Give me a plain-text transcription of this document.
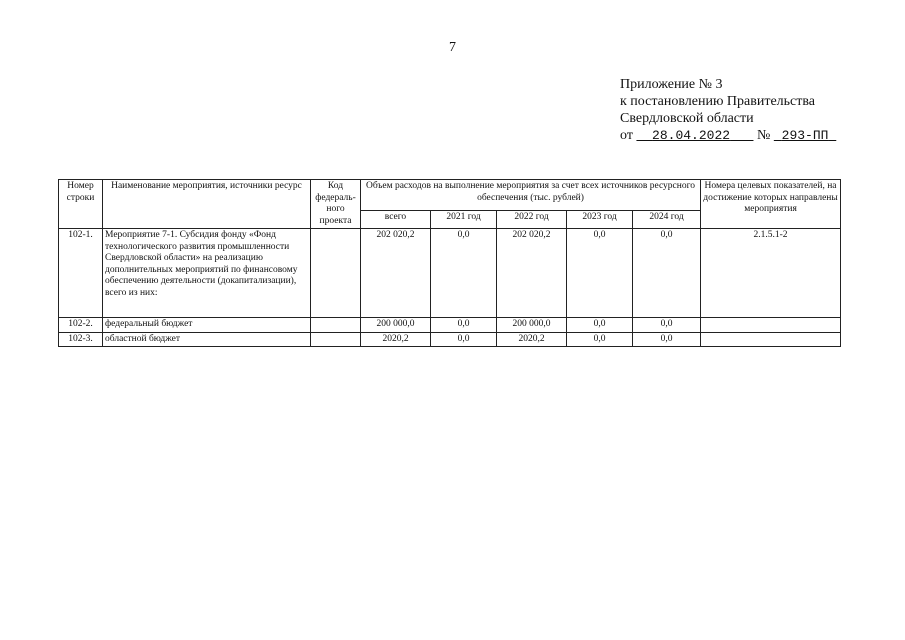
7
Приложение № 3
к постановлению Правительства
Свердловской области
от 28.04.2022 № 293-ПП
Номер строки	Наименование мероприятия, источники ресурс	Код федераль-ного проекта	Объем расходов на выполнение мероприятия за счет всех источников ресурсного обеспечения (тыс. рублей)					Номера целевых показателей, на достижение которых направлены мероприятия
			всего	2021 год	2022 год	2023 год	2024 год	
102-1.	Мероприятие 7-1. Субсидия фонду «Фонд технологического развития промышленности Свердловской области» на реализацию дополнительных мероприятий по финансовому обеспечению деятельности (докапитализации), всего из них:		202 020,2	0,0	202 020,2	0,0	0,0	2.1.5.1-2
102-2.	федеральный бюджет		200 000,0	0,0	200 000,0	0,0	0,0	
102-3.	областной бюджет		2020,2	0,0	2020,2	0,0	0,0	
